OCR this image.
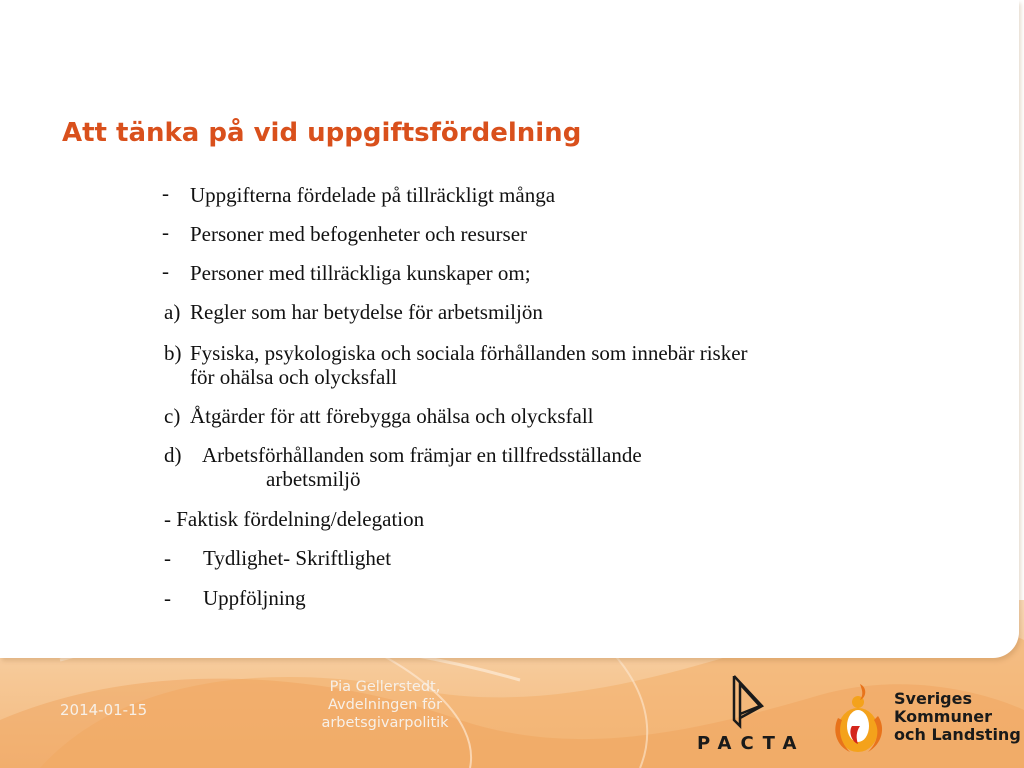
Att tänka på vid uppgiftsfördelning
- Uppgifterna fördelade på tillräckligt många
- Personer med befogenheter och resurser
- Personer med tillräckliga kunskaper om;
a) Regler som har betydelse för arbetsmiljön
b) Fysiska, psykologiska och sociala förhållanden som innebär risker
för ohälsa och olycksfall
c) Åtgärder för att förebygga ohälsa och olycksfall
d) Arbetsförhållanden som främjar en tillfredsställande
arbetsmiljö
- Faktisk fördelning/delegation
- Tydlighet- Skriftlighet
- Uppföljning
2014-01-15
Pia Gellerstedt,
Avdelningen för
arbetsgivarpolitik
PACTA
Sveriges
Kommuner
och Landsting
